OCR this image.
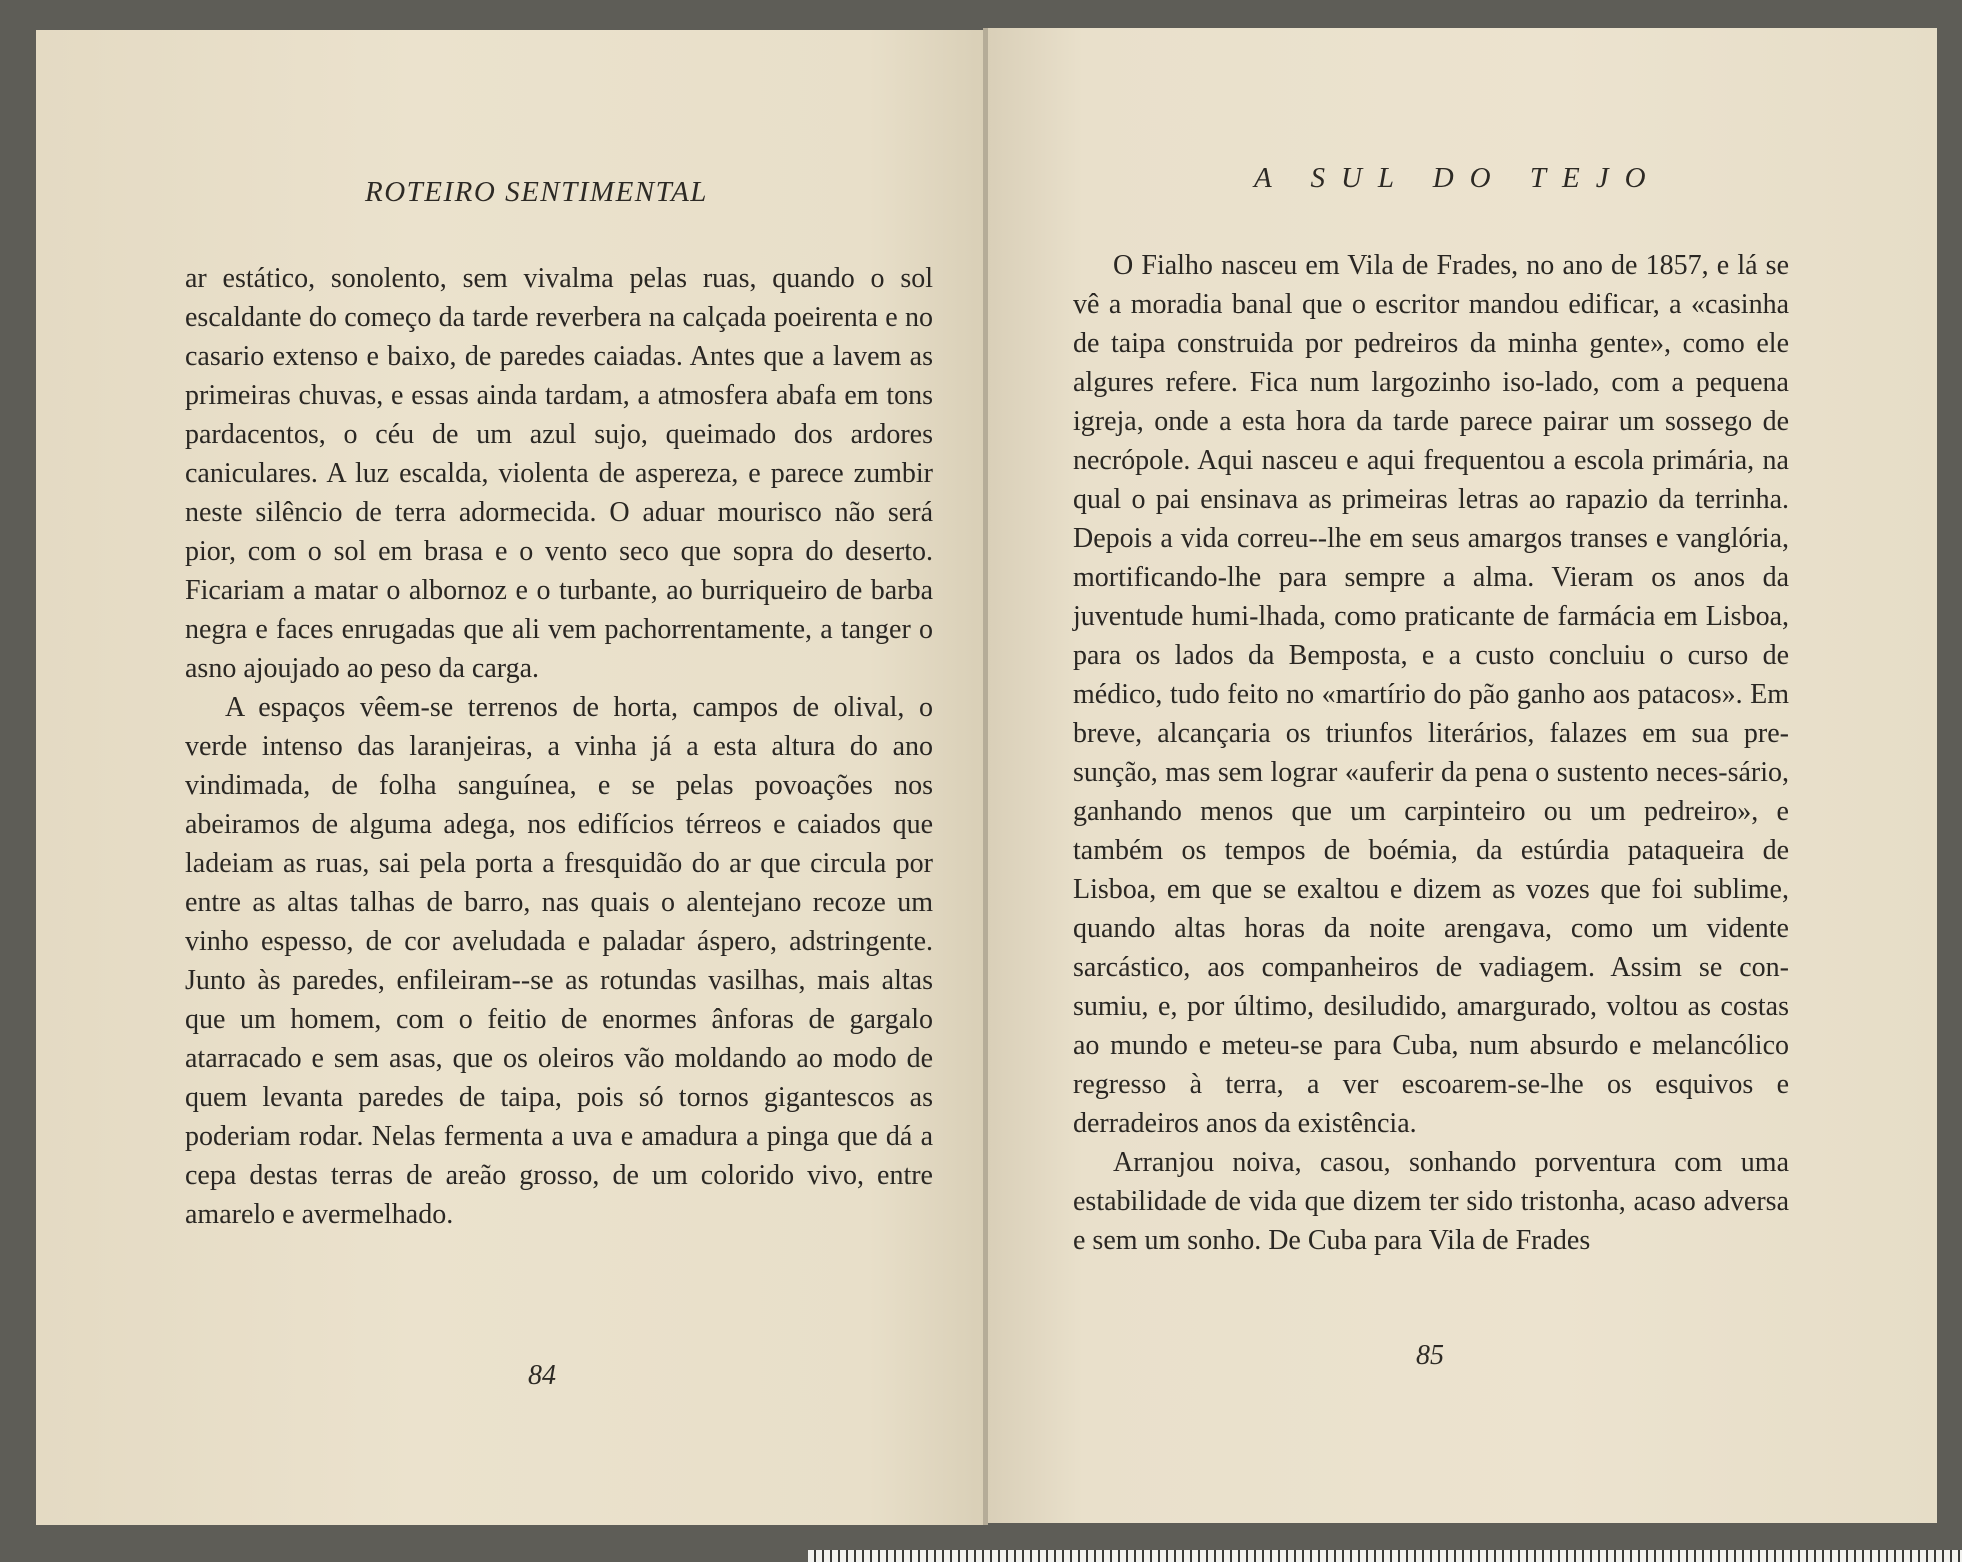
ROTEIRO SENTIMENTAL

ar estático, sonolento, sem vivalma pelas ruas, quando o sol escaldante do começo da tarde reverbera na calçada poeirenta e no casario extenso e baixo, de paredes caiadas. Antes que a lavem as primeiras chuvas, e essas ainda tardam, a atmosfera abafa em tons pardacentos, o céu de um azul sujo, queimado dos ardores caniculares. A luz escalda, violenta de aspereza, e parece zumbir neste silêncio de terra adormecida. O aduar mourisco não será pior, com o sol em brasa e o vento seco que sopra do deserto. Ficariam a matar o albornoz e o turbante, ao burriqueiro de barba negra e faces enrugadas que ali vem pachorrentamente, a tanger o asno ajoujado ao peso da carga.

A espaços vêem-se terrenos de horta, campos de olival, o verde intenso das laranjeiras, a vinha já a esta altura do ano vindimada, de folha sanguínea, e se pelas povoações nos abeiramos de alguma adega, nos edifícios térreos e caiados que ladeiam as ruas, sai pela porta a fresquidão do ar que circula por entre as altas talhas de barro, nas quais o alentejano recoze um vinho espesso, de cor aveludada e paladar áspero, adstringente. Junto às paredes, enfileiram--se as rotundas vasilhas, mais altas que um homem, com o feitio de enormes ânforas de gargalo atarracado e sem asas, que os oleiros vão moldando ao modo de quem levanta paredes de taipa, pois só tornos gigantescos as poderiam rodar. Nelas fermenta a uva e amadura a pinga que dá a cepa destas terras de areão grosso, de um colorido vivo, entre amarelo e avermelhado.

84
A SUL DO TEJO

O Fialho nasceu em Vila de Frades, no ano de 1857, e lá se vê a moradia banal que o escritor mandou edificar, a «casinha de taipa construida por pedreiros da minha gente», como ele algures refere. Fica num largozinho iso-lado, com a pequena igreja, onde a esta hora da tarde parece pairar um sossego de necrópole. Aqui nasceu e aqui frequentou a escola primária, na qual o pai ensinava as primeiras letras ao rapazio da terrinha. Depois a vida correu--lhe em seus amargos transes e vanglória, mortificando-lhe para sempre a alma. Vieram os anos da juventude humi-lhada, como praticante de farmácia em Lisboa, para os lados da Bemposta, e a custo concluiu o curso de médico, tudo feito no «martírio do pão ganho aos patacos». Em breve, alcançaria os triunfos literários, falazes em sua pre-sunção, mas sem lograr «auferir da pena o sustento neces-sário, ganhando menos que um carpinteiro ou um pedreiro», e também os tempos de boémia, da estúrdia pataqueira de Lisboa, em que se exaltou e dizem as vozes que foi sublime, quando altas horas da noite arengava, como um vidente sarcástico, aos companheiros de vadiagem. Assim se con-sumiu, e, por último, desiludido, amargurado, voltou as costas ao mundo e meteu-se para Cuba, num absurdo e melancólico regresso à terra, a ver escoarem-se-lhe os esquivos e derradeiros anos da existência.

Arranjou noiva, casou, sonhando porventura com uma estabilidade de vida que dizem ter sido tristonha, acaso adversa e sem um sonho. De Cuba para Vila de Frades

85
